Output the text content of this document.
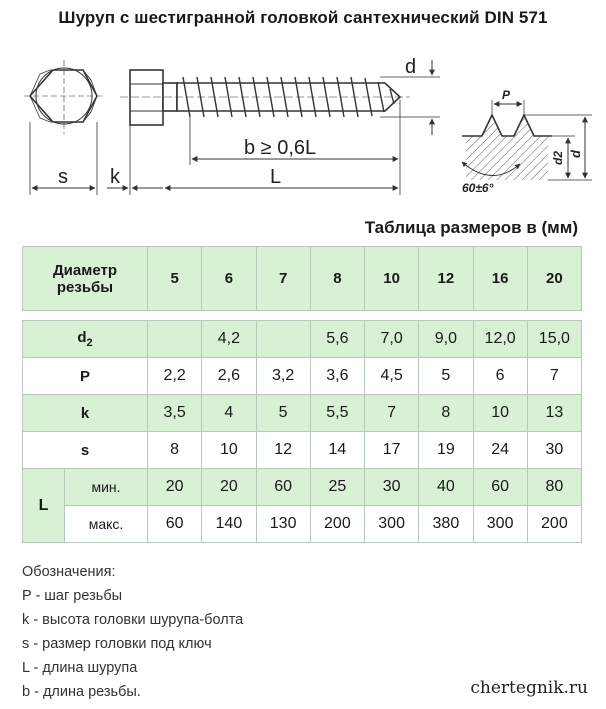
Шуруп с шестигранной головкой сантехнический DIN 571
s k
d
b ≥ 0,6L
L
P
d2 d
60±6°
Таблица размеров в (мм)
Диаметр
резьбы		5	6	7	8	10	12	16	20

$d_2$			4,2		5,6	7,0	9,0	12,0	15,0
P		2,2	2,6	3,2	3,6	4,5	5	6	7
k		3,5	4	5	5,5	7	8	10	13
s		8	10	12	14	17	19	24	30
L	мин.	20	20	60	25	30	40	60	80
	макс.	60	140	130	200	300	380	300	200
Обозначения:
P - шаг резьбы
k - высота головки шурупа-болта
s - размер головки под ключ
L - длина шурупа
b - длина резьбы.	chertegnik.ru
